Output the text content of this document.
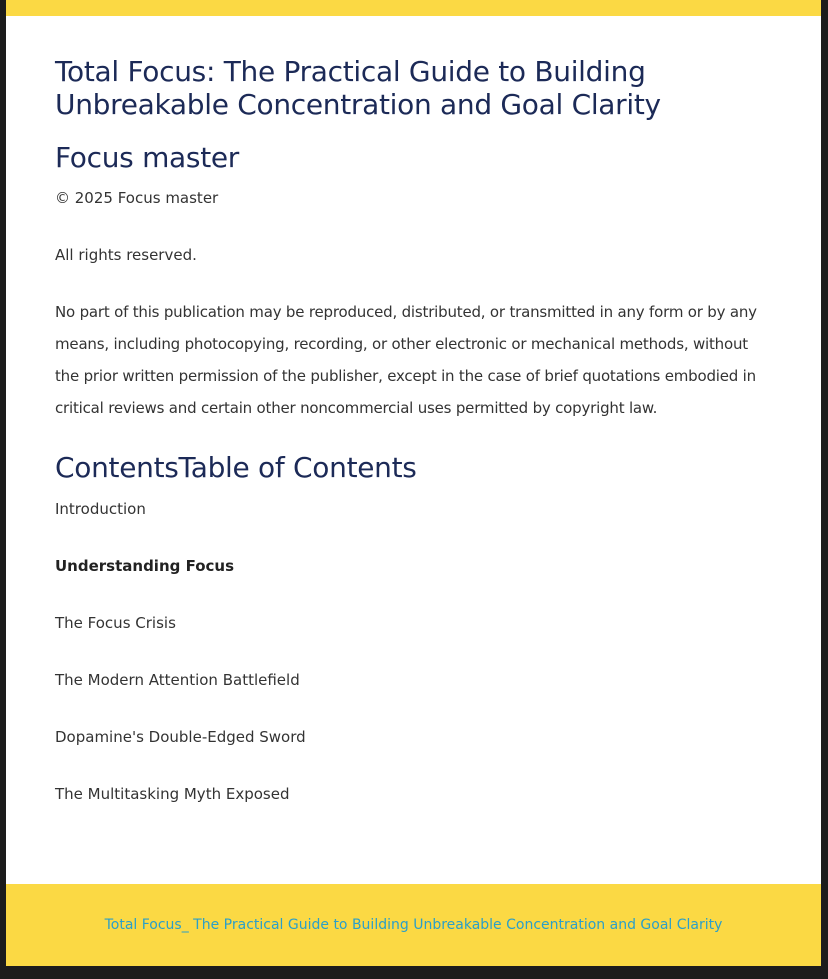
Total Focus: The Practical Guide to Building Unbreakable Concentration and Goal Clarity
Focus master

© 2025 Focus master

All rights reserved.

No part of this publication may be reproduced, distributed, or transmitted in any form or by any means, including photocopying, recording, or other electronic or mechanical methods, without the prior written permission of the publisher, except in the case of brief quotations embodied in critical reviews and certain other noncommercial uses permitted by copyright law.

ContentsTable of Contents
Introduction
Understanding Focus
The Focus Crisis
The Modern Attention Battlefield
Dopamine's Double-Edged Sword
The Multitasking Myth Exposed
Total Focus_ The Practical Guide to Building Unbreakable Concentration and Goal Clarity
